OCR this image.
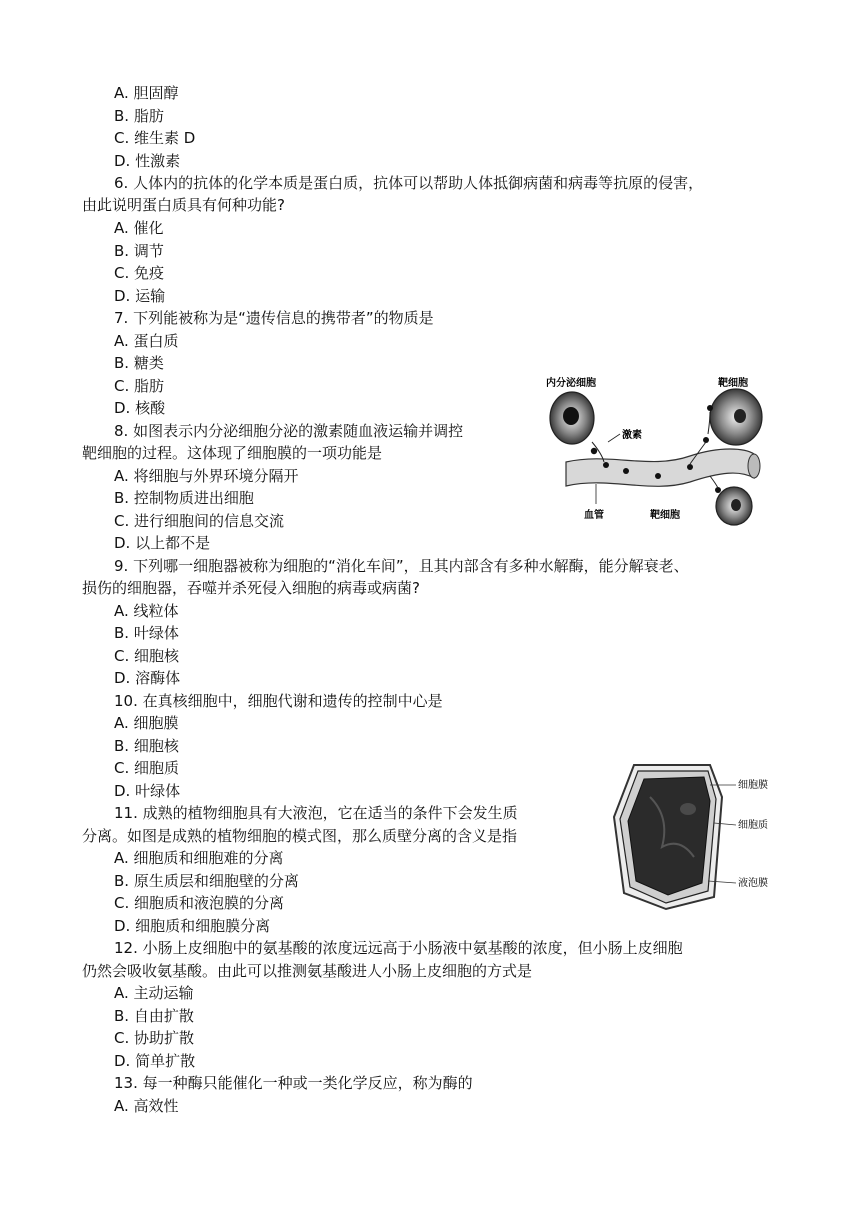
A. 胆固醇
B. 脂肪
C. 维生素 D
D. 性激素
6. 人体内的抗体的化学本质是蛋白质，抗体可以帮助人体抵御病菌和病毒等抗原的侵害，
由此说明蛋白质具有何种功能?
A. 催化
B. 调节
C. 免疫
D. 运输
7. 下列能被称为是“遗传信息的携带者”的物质是
A. 蛋白质
B. 糖类
C. 脂肪
D. 核酸
8. 如图表示内分泌细胞分泌的激素随血液运输并调控
靶细胞的过程。这体现了细胞膜的一项功能是
A. 将细胞与外界环境分隔开
B. 控制物质进出细胞
C. 进行细胞间的信息交流
D. 以上都不是
内分泌细胞	靶细胞
激素
血管	靶细胞
9. 下列哪一细胞器被称为细胞的“消化车间”，且其内部含有多种水解酶，能分解衰老、
损伤的细胞器，吞噬并杀死侵入细胞的病毒或病菌?
A. 线粒体
B. 叶绿体
C. 细胞核
D. 溶酶体
10. 在真核细胞中，细胞代谢和遗传的控制中心是
A. 细胞膜
B. 细胞核
C. 细胞质
D. 叶绿体
11. 成熟的植物细胞具有大液泡，它在适当的条件下会发生质
分离。如图是成熟的植物细胞的模式图，那么质壁分离的含义是指
A. 细胞质和细胞难的分离
B. 原生质层和细胞壁的分离
C. 细胞质和液泡膜的分离
D. 细胞质和细胞膜分离
细胞膜
细胞质
液泡膜
12. 小肠上皮细胞中的氨基酸的浓度远远高于小肠液中氨基酸的浓度，但小肠上皮细胞
仍然会吸收氨基酸。由此可以推测氨基酸进人小肠上皮细胞的方式是
A. 主动运输
B. 自由扩散
C. 协助扩散
D. 简单扩散
13. 每一种酶只能催化一种或一类化学反应，称为酶的
A. 高效性
